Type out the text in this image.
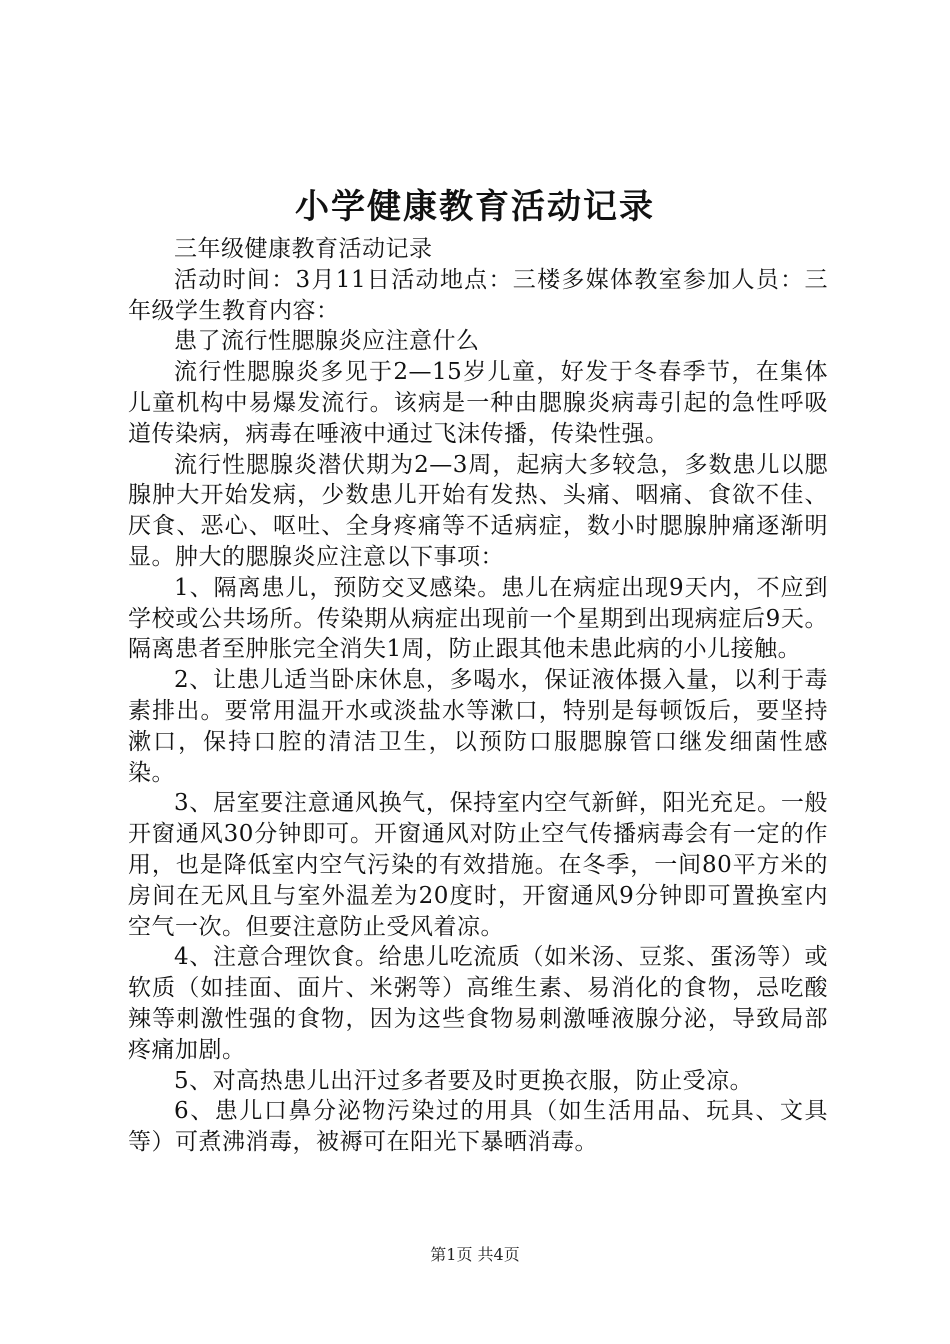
小学健康教育活动记录

三年级健康教育活动记录

活动时间：3月11日活动地点：三楼多媒体教室参加人员：三年级学生教育内容：

患了流行性腮腺炎应注意什么

流行性腮腺炎多见于2—15岁儿童，好发于冬春季节，在集体儿童机构中易爆发流行。该病是一种由腮腺炎病毒引起的急性呼吸道传染病，病毒在唾液中通过飞沫传播，传染性强。

流行性腮腺炎潜伏期为2—3周，起病大多较急，多数患儿以腮腺肿大开始发病，少数患儿开始有发热、头痛、咽痛、食欲不佳、厌食、恶心、呕吐、全身疼痛等不适病症，数小时腮腺肿痛逐渐明显。肿大的腮腺炎应注意以下事项：

1、隔离患儿，预防交叉感染。患儿在病症出现9天内，不应到学校或公共场所。传染期从病症出现前一个星期到出现病症后9天。隔离患者至肿胀完全消失1周，防止跟其他未患此病的小儿接触。

2、让患儿适当卧床休息，多喝水，保证液体摄入量，以利于毒素排出。要常用温开水或淡盐水等漱口，特别是每顿饭后，要坚持漱口，保持口腔的清洁卫生，以预防口服腮腺管口继发细菌性感染。

3、居室要注意通风换气，保持室内空气新鲜，阳光充足。一般开窗通风30分钟即可。开窗通风对防止空气传播病毒会有一定的作用，也是降低室内空气污染的有效措施。在冬季，一间80平方米的房间在无风且与室外温差为20度时，开窗通风9分钟即可置换室内空气一次。但要注意防止受风着凉。

4、注意合理饮食。给患儿吃流质（如米汤、豆浆、蛋汤等）或软质（如挂面、面片、米粥等）高维生素、易消化的食物，忌吃酸辣等刺激性强的食物，因为这些食物易刺激唾液腺分泌，导致局部疼痛加剧。

5、对高热患儿出汗过多者要及时更换衣服，防止受凉。

6、患儿口鼻分泌物污染过的用具（如生活用品、玩具、文具等）可煮沸消毒，被褥可在阳光下暴晒消毒。

第1页 共4页
